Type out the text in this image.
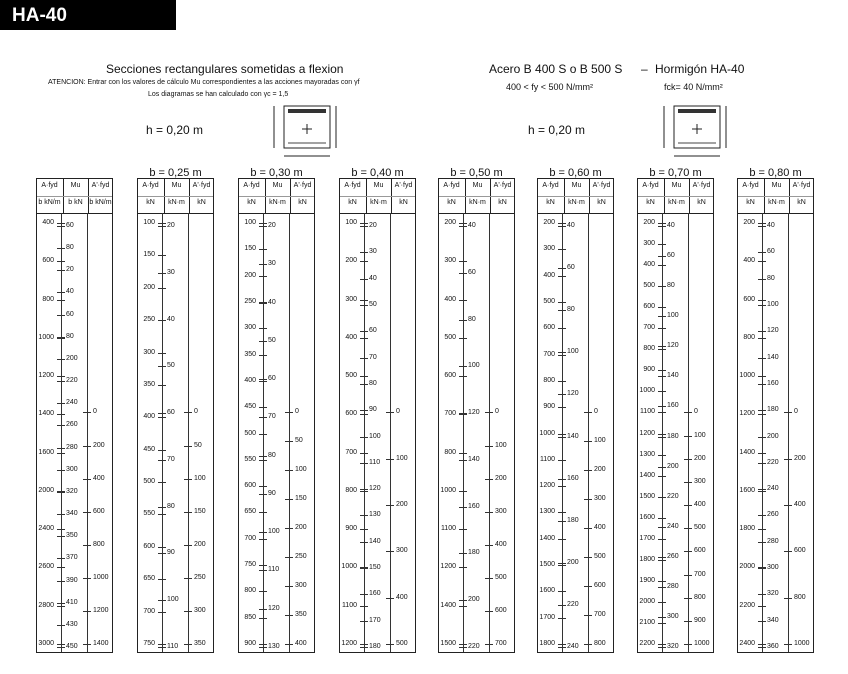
HA-40
Secciones rectangulares sometidas a flexion
ATENCION: Entrar con los valores de cálculo Mu correspondientes a las acciones mayoradas con γf
Los diagramas se han calculado con γc = 1,5
h = 0,20 m
Acero B 400 S o B 500 S – Hormigón HA-40
400 < fy < 500 N/mm²	fck= 40 N/mm²
h = 0,20 m
A·fyd	Mu	A'·fyd
b kN/m	b kN b kN/m
400
600
800
1000
1200
1400
1600
2000
2400
2600
2800
3000
60
80
20
40
60
80
200
220
240
260
280
300
320
340
350
370
390
410
430
450
0
200
400
600
800
1000
1200
1400
b = 0,25 m
A·fyd	Mu	A'·fyd
kN	kN·m	kN
100
150
200
250
300
350
400
450
500
550
600
650
700
750
20
30
40
50
60
70
80
90
100
110
0
50
100
150
200
250
300
350
b = 0,30 m
A·fyd	Mu	A'·fyd
kN	kN·m	kN
100
150
200
250
300
350
400
450
500
550
600
650
700
750
800
850
900
20
30
40
50
60
70
80
90
100
110
120
130
0
50
100
150
200
250
300
350
400
b = 0,40 m
A·fyd	Mu	A'·fyd
kN	kN·m	kN
100
200
300
400
500
600
700
800
900
1000
1100
1200
20
30
40
50
60
70
80
90
100
110
120
130
140
150
160
170
180
0
100
200
300
400
500
b = 0,50 m
A·fyd	Mu	A'·fyd
kN	kN·m	kN
200
300
400
500
600
700
800
1000
1100
1200
1400
1500
40
60
80
100
120
140
160
180
200
220
0
100
200
300
400
500
600
700
b = 0,60 m
A·fyd	Mu	A'·fyd
kN	kN·m	kN
200
300
400
500
600
700
800
900
1000
1100
1200
1300
1400
1500
1600
1700
1800
40
60
80
100
120
140
160
180
200
220
240
0
100
200
300
400
500
600
700
800
b = 0,70 m
A·fyd	Mu	A'·fyd
kN	kN·m	kN
200
300
400
500
600
700
800
900
1000
1100
1200
1300
1400
1500
1600
1700
1800
1900
2000
2100
2200
40
60
80
100
120
140
160
180
200
220
240
260
280
300
320
0
100
200
300
400
500
600
700
800
900
1000
b = 0,80 m
A·fyd	Mu	A'·fyd
kN	kN·m	kN
200
400
600
800
1000
1200
1400
1600
1800
2000
2200
2400
40
60
80
100
120
140
160
180
200
220
240
260
280
300
320
340
360
0
200
400
600
800
1000
